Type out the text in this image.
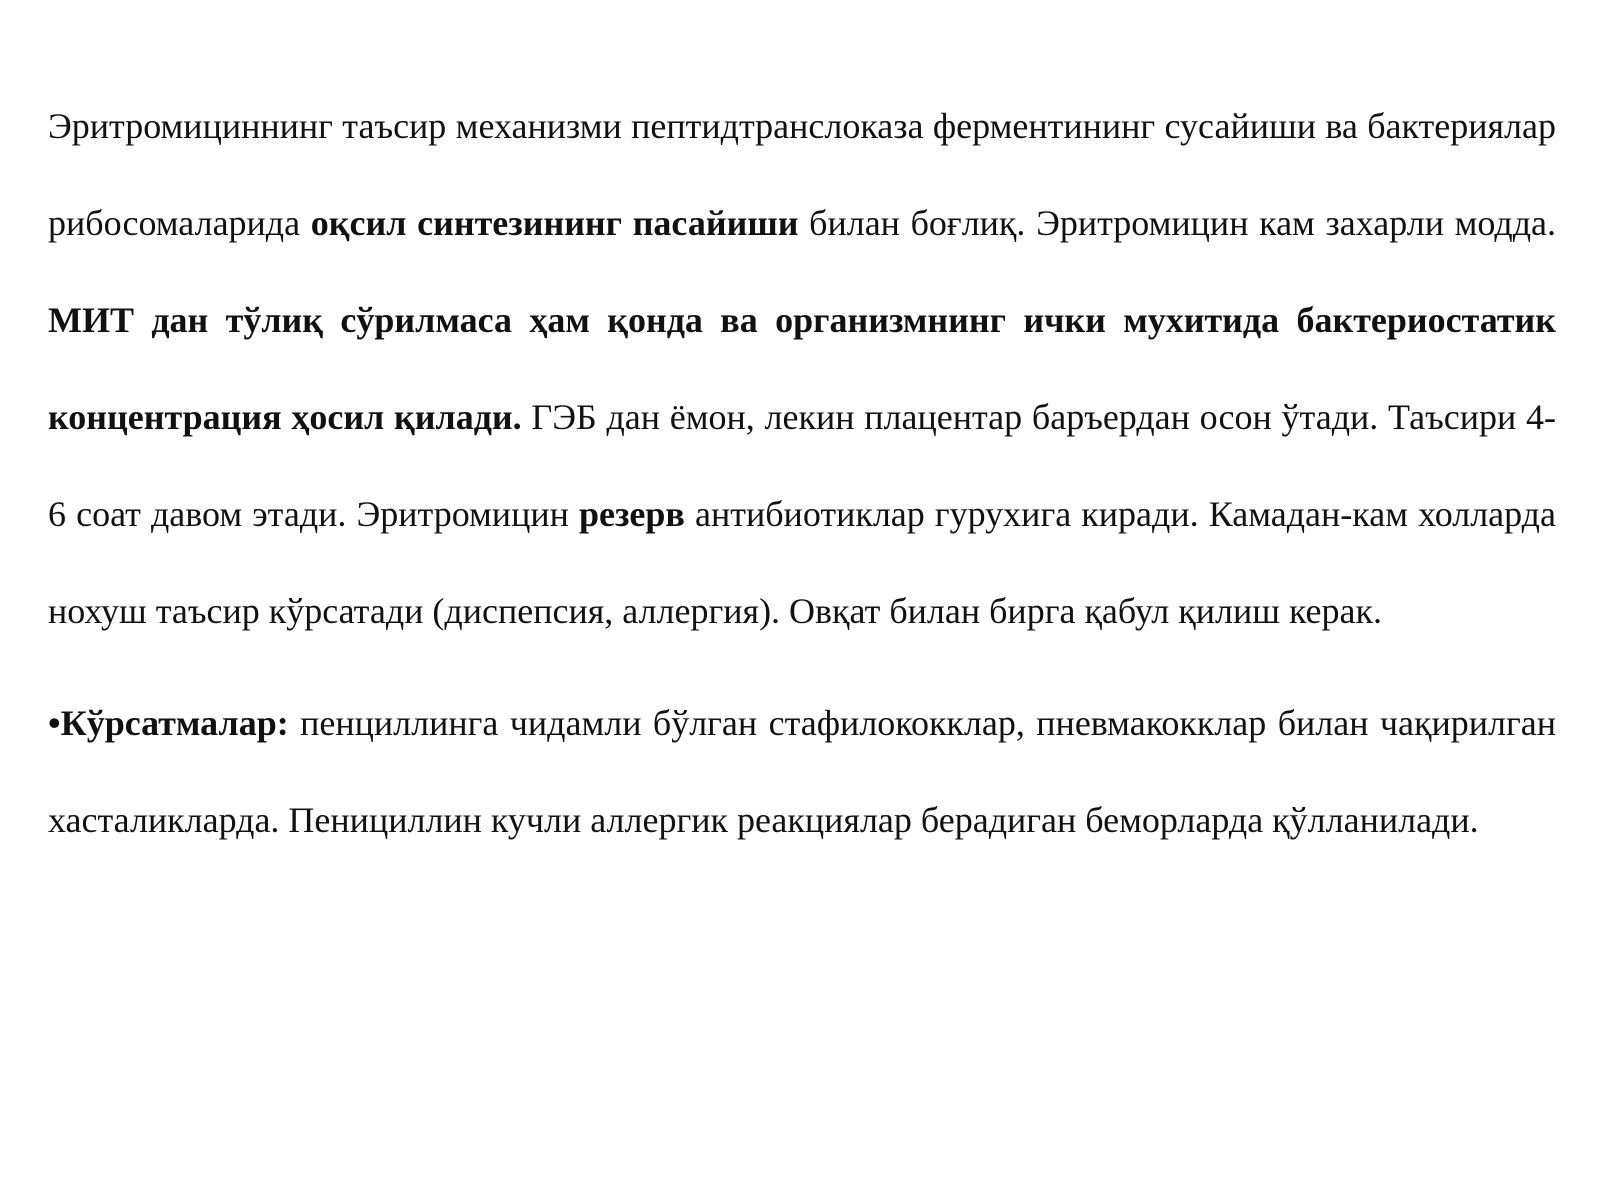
Эритромициннинг таъсир механизми пептидтранслоказа ферментининг сусайиши ва бактериялар рибосомаларида оқсил синтезининг пасайиши билан боғлиқ. Эритромицин кам захарли модда. МИТ дан тўлиқ сўрилмаса ҳам қонда ва организмнинг ички мухитида бактериостатик концентрация ҳосил қилади. ГЭБ дан ёмон, лекин плацентар баръердан осон ўтади. Таъсири 4-6 соат давом этади. Эритромицин резерв антибиотиклар гурухига киради. Камадан-кам холларда нохуш таъсир кўрсатади (диспепсия, аллергия). Овқат билан бирга қабул қилиш керак.

•Кўрсатмалар: пенциллинга чидамли бўлган стафилококклар, пневмакокклар билан чақирилган хасталикларда. Пенициллин кучли аллергик реакциялар берадиган беморларда қўлланилади.
